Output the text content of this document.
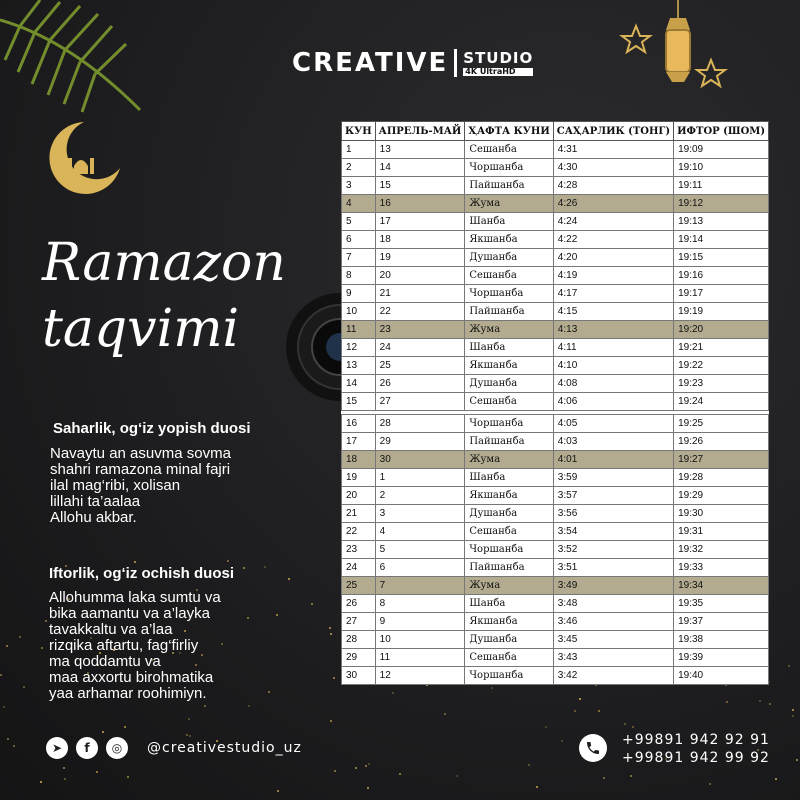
CREATIVE STUDIO
4K UltraHD
Ramazon
taqvimi
Saharlik, og‘iz yopish duosi
Navaytu an asuvma sovma
shahri ramazona minal fajri
ilal mag‘ribi, xolisan
lillahi ta’aalaa
Allohu akbar.
Iftorlik, og‘iz ochish duosi
Allohumma laka sumtu va
bika aamantu va a’layka
tavakkaltu va a’laa
rizqika aftartu, fag‘firliy
ma qoddamtu va
maa axxortu birohmatika
yaa arhamar roohimiyn.
КУН	АПРЕЛЬ-МАЙ	ҲАФТА КУНИ	САҲАРЛИК (ТОНГ)	ИФТОР (ШОМ)
1	13	Сешанба	4:31	19:09
2	14	Чоршанба	4:30	19:10
3	15	Пайшанба	4:28	19:11
4	16	Жума	4:26	19:12
5	17	Шанба	4:24	19:13
6	18	Якшанба	4:22	19:14
7	19	Душанба	4:20	19:15
8	20	Сешанба	4:19	19:16
9	21	Чоршанба	4:17	19:17
10	22	Пайшанба	4:15	19:19
11	23	Жума	4:13	19:20
12	24	Шанба	4:11	19:21
13	25	Якшанба	4:10	19:22
14	26	Душанба	4:08	19:23
15	27	Сешанба	4:06	19:24

16	28	Чоршанба	4:05	19:25
17	29	Пайшанба	4:03	19:26
18	30	Жума	4:01	19:27
19	1	Шанба	3:59	19:28
20	2	Якшанба	3:57	19:29
21	3	Душанба	3:56	19:30
22	4	Сешанба	3:54	19:31
23	5	Чоршанба	3:52	19:32
24	6	Пайшанба	3:51	19:33
25	7	Жума	3:49	19:34
26	8	Шанба	3:48	19:35
27	9	Якшанба	3:46	19:37
28	10	Душанба	3:45	19:38
29	11	Сешанба	3:43	19:39
30	12	Чоршанба	3:42	19:40
➤	f	◎	@creativestudio_uz	+99891 942 92 91
+99891 942 99 92
